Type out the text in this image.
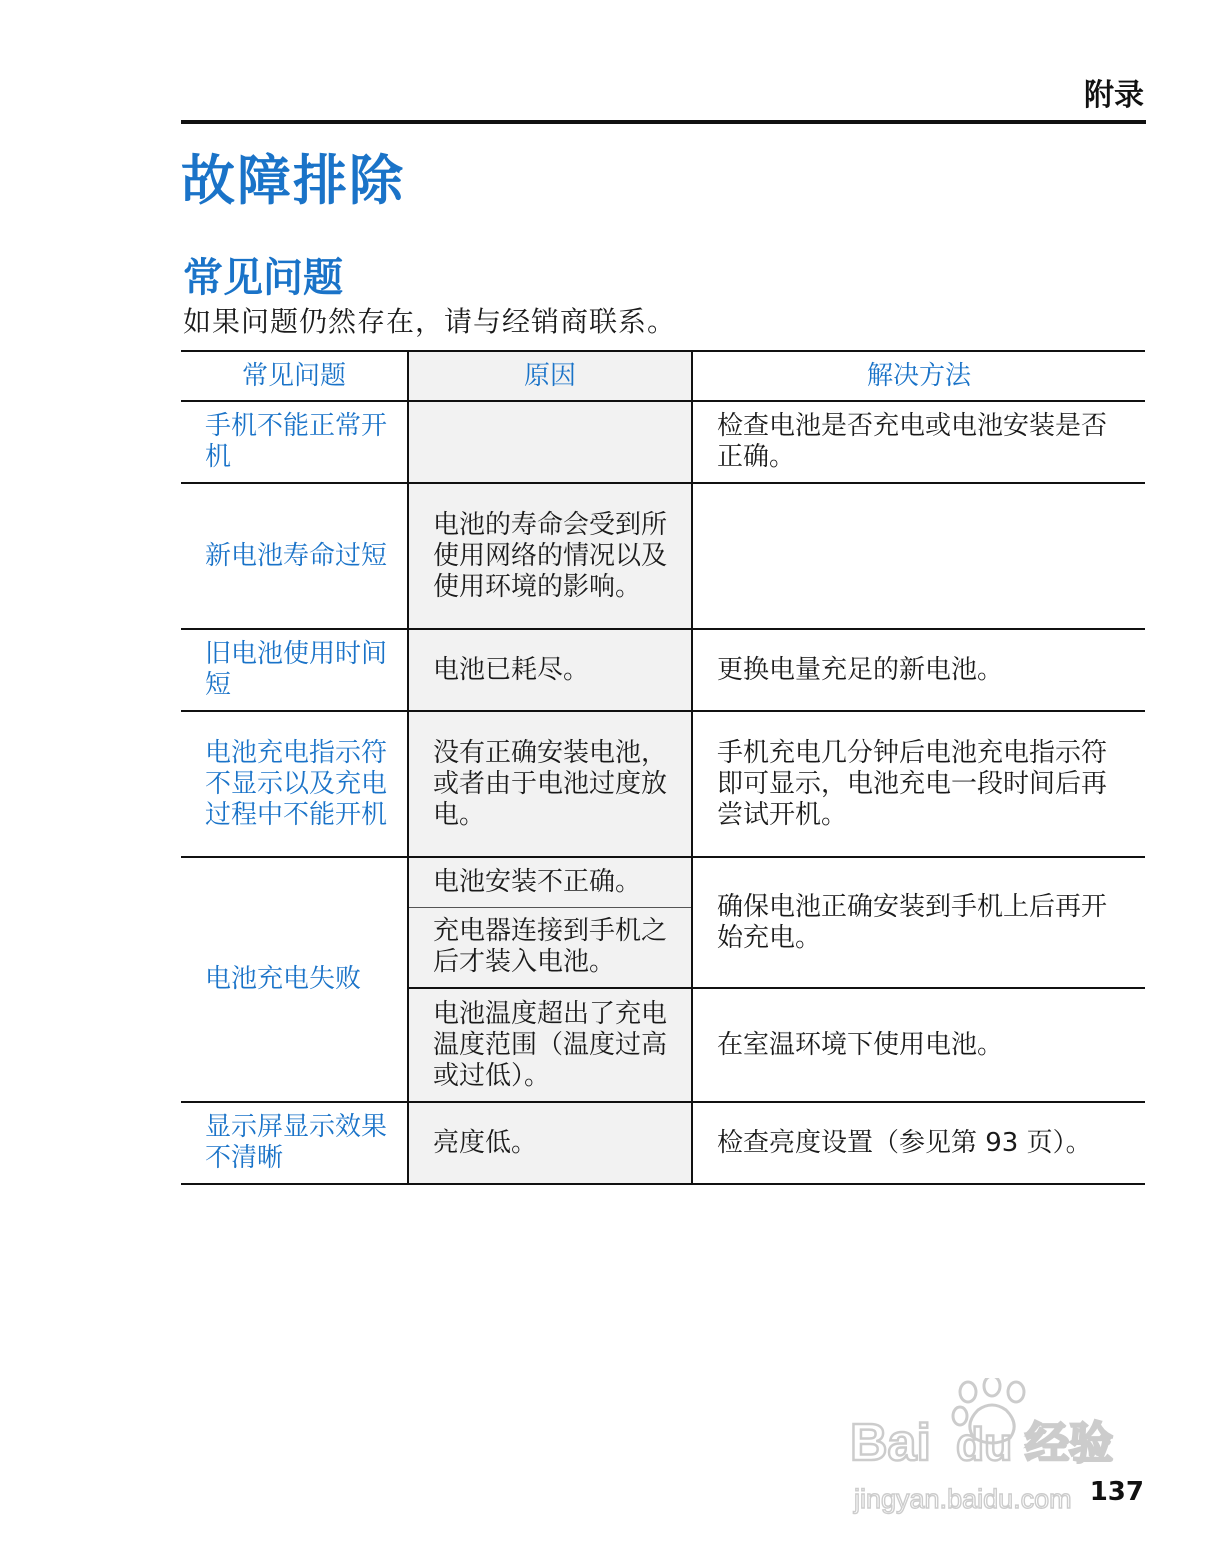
附录
故障排除
常见问题
如果问题仍然存在，请与经销商联系。
常见问题	原因	解决方法
手机不能正常开机		检查电池是否充电或电池安装是否正确。
新电池寿命过短	电池的寿命会受到所使用网络的情况以及使用环境的影响。	
旧电池使用时间短	电池已耗尽。	更换电量充足的新电池。
电池充电指示符不显示以及充电过程中不能开机	没有正确安装电池，或者由于电池过度放电。	手机充电几分钟后电池充电指示符即可显示，电池充电一段时间后再尝试开机。
电池充电失败	电池安装不正确。	确保电池正确安装到手机上后再开始充电。
	充电器连接到手机之后才装入电池。	
	电池温度超出了充电温度范围（温度过高或过低）。	在室温环境下使用电池。
显示屏显示效果不清晰	亮度低。	检查亮度设置（参见第 93 页）。
Bai du 经验
jingyan.baidu.com 137
